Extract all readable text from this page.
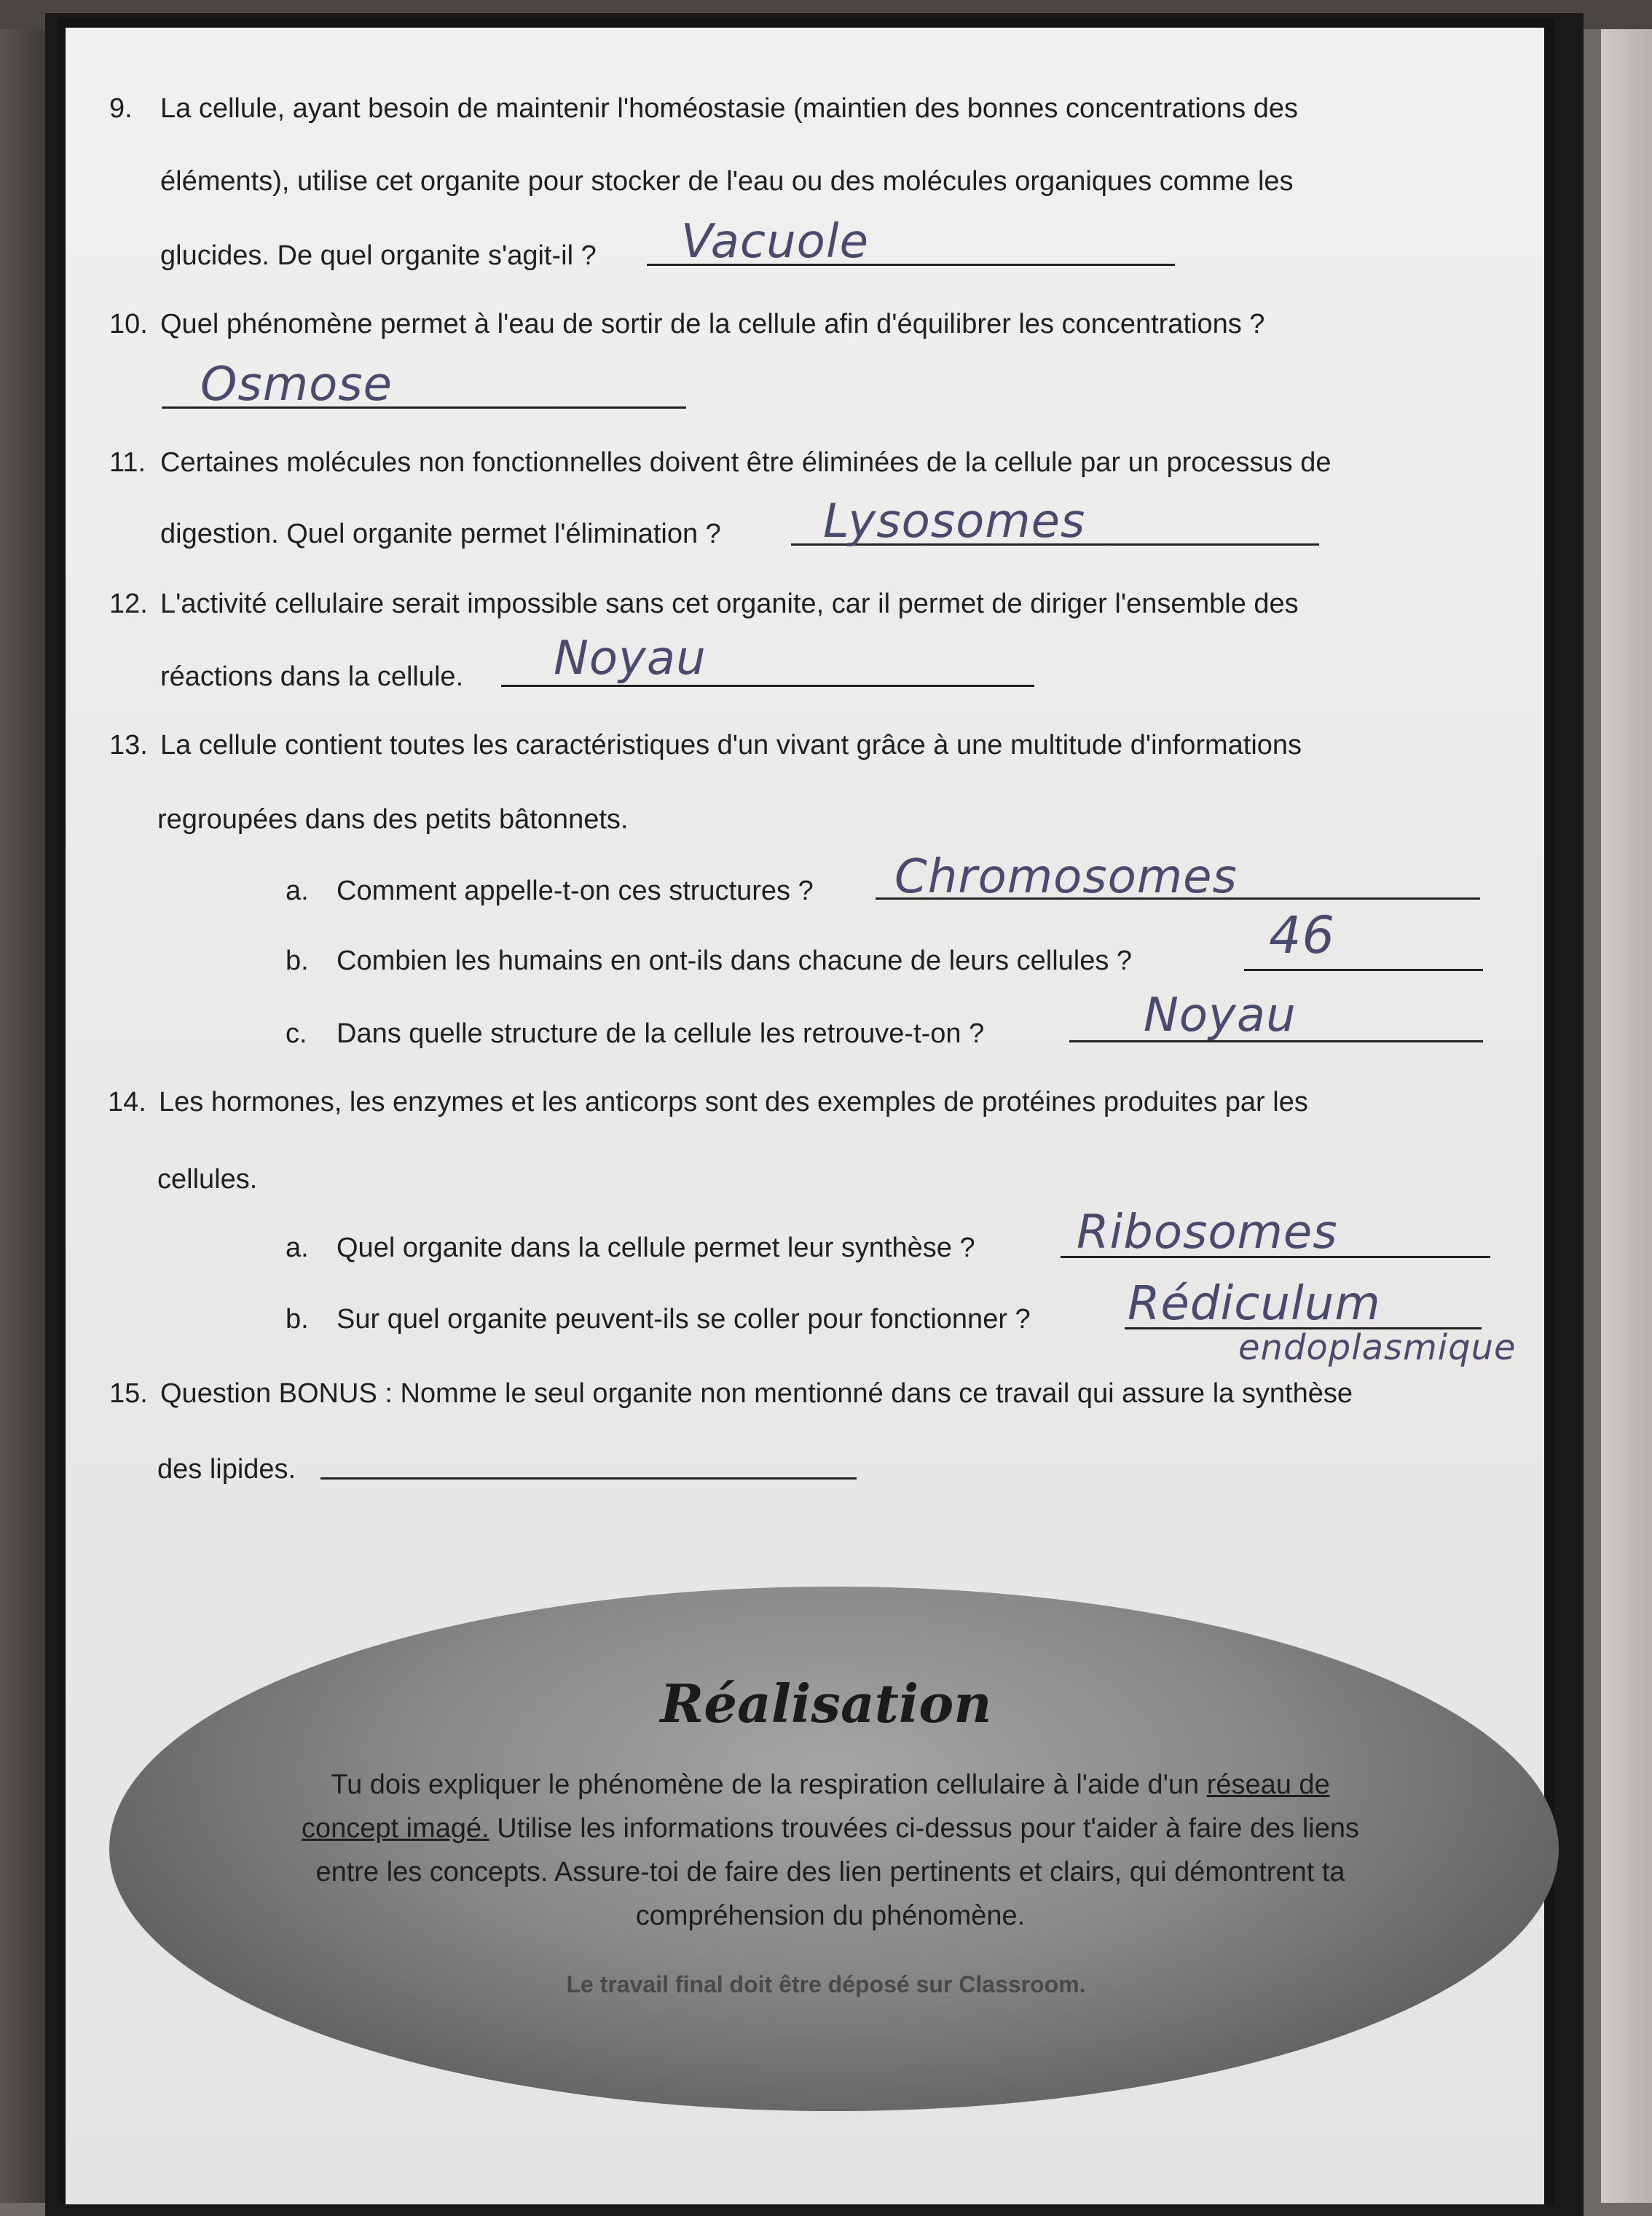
9. La cellule, ayant besoin de maintenir l'homéostasie (maintien des bonnes concentrations des
éléments), utilise cet organite pour stocker de l'eau ou des molécules organiques comme les
glucides. De quel organite s'agit-il ? Vacuole
10. Quel phénomène permet à l'eau de sortir de la cellule afin d'équilibrer les concentrations ?
Osmose
11. Certaines molécules non fonctionnelles doivent être éliminées de la cellule par un processus de
digestion. Quel organite permet l'élimination ? Lysosomes
12. L'activité cellulaire serait impossible sans cet organite, car il permet de diriger l'ensemble des
réactions dans la cellule. Noyau
13. La cellule contient toutes les caractéristiques d'un vivant grâce à une multitude d'informations
regroupées dans des petits bâtonnets.
a. Comment appelle-t-on ces structures ? Chromosomes
b. Combien les humains en ont-ils dans chacune de leurs cellules ?	46
c. Dans quelle structure de la cellule les retrouve-t-on ?	Noyau
14. Les hormones, les enzymes et les anticorps sont des exemples de protéines produites par les
cellules.
a. Quel organite dans la cellule permet leur synthèse ? Ribosomes
b. Sur quel organite peuvent-ils se coller pour fonctionner ? Rédiculum
endoplasmique
15. Question BONUS : Nomme le seul organite non mentionné dans ce travail qui assure la synthèse
des lipides.
Réalisation
Tu dois expliquer le phénomène de la respiration cellulaire à l'aide d'un réseau de
concept imagé. Utilise les informations trouvées ci-dessus pour t'aider à faire des liens
entre les concepts. Assure-toi de faire des lien pertinents et clairs, qui démontrent ta
compréhension du phénomène.
Le travail final doit être déposé sur Classroom.
